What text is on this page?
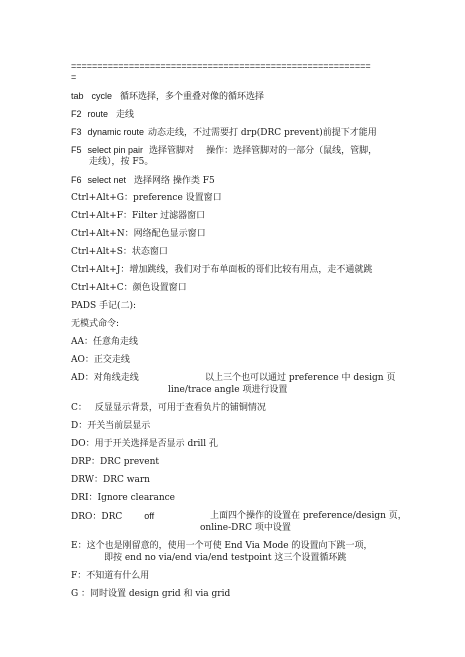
=========================================================
=
tab cycle 循环选择，多个重叠对像的循环选择
F2 route 走线
F3 dynamic route 动态走线，不过需要打 drp(DRC prevent)前提下才能用
F5 select pin pair 选择管脚对 操作：选择管脚对的一部分（鼠线，管脚，
走线），按 F5。
F6 select net 选择网络 操作类 F5
Ctrl+Alt+G：preference 设置窗口
Ctrl+Alt+F：Filter 过滤器窗口
Ctrl+Alt+N：网络配色显示窗口
Ctrl+Alt+S：状态窗口
Ctrl+Alt+J：增加跳线，我们对于布单面板的哥们比较有用点，走不通就跳
Ctrl+Alt+C：颜色设置窗口
PADS 手记(二):
无模式命令:
AA：任意角走线
AO：正交走线
AD：对角线走线	以上三个也可以通过 preference 中 design 页
line/trace angle 项进行设置
C： 反显显示背景，可用于查看负片的铺铜情况
D：开关当前层显示
DO：用于开关选择是否显示 drill 孔
DRP：DRC prevent
DRW：DRC warn
DRI：Ignore clearance
DRO：DRC off	上面四个操作的设置在 preference/design 页，
online-DRC 项中设置
E：这个也是刚留意的，使用一个可使 End Via Mode 的设置向下跳一项，
即按 end no via/end via/end testpoint 这三个设置循环跳
F：不知道有什么用
G ：同时设置 design grid 和 via grid
